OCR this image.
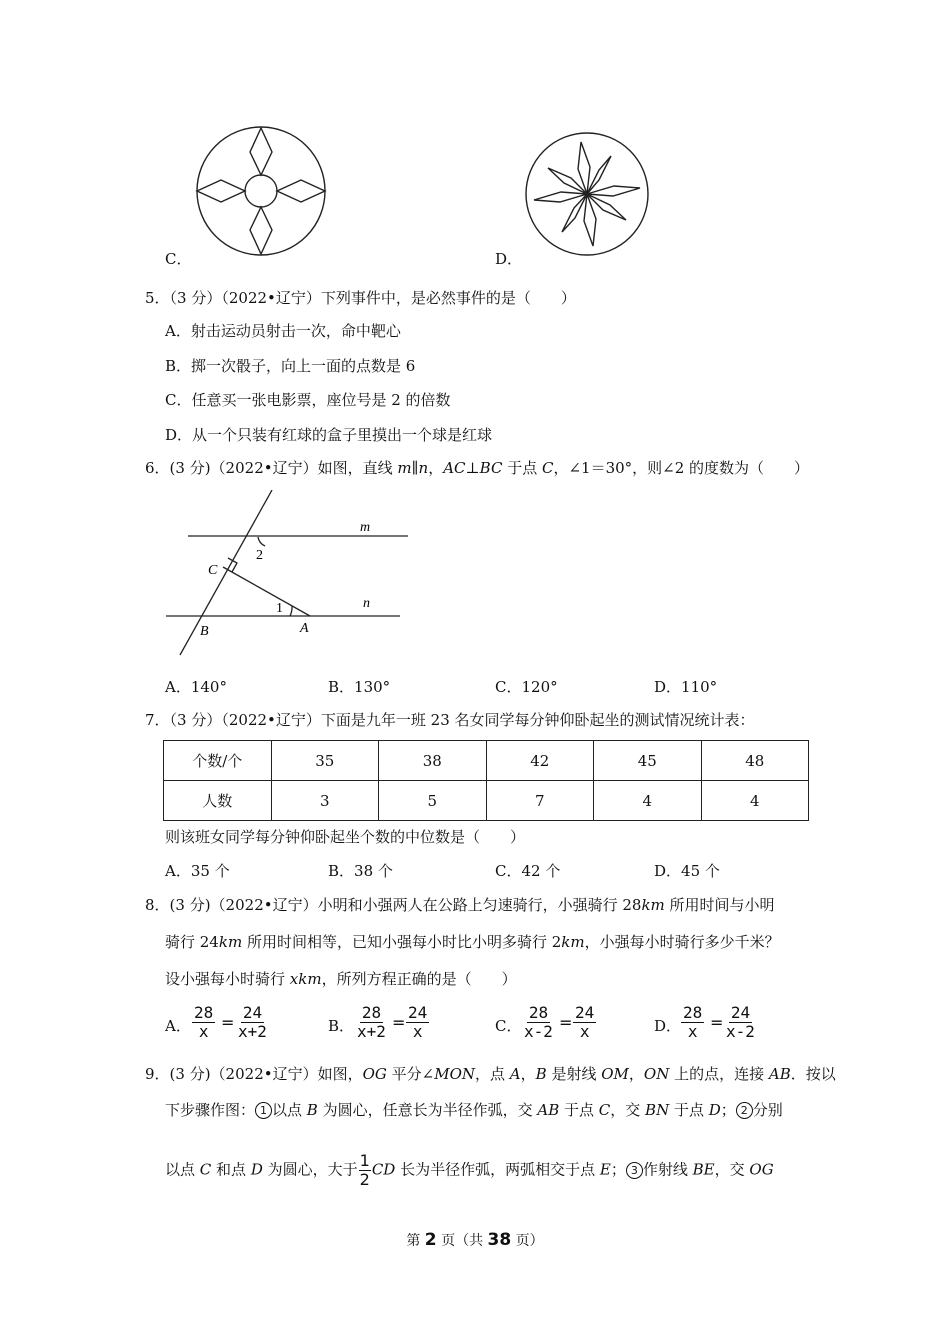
C．	D．
5．（3 分）（2022•辽宁）下列事件中，是必然事件的是（　　）
A．射击运动员射击一次，命中靶心
B．掷一次骰子，向上一面的点数是 6
C．任意买一张电影票，座位号是 2 的倍数
D．从一个只装有红球的盒子里摸出一个球是红球
6．(3 分)（2022•辽宁）如图，直线 m∥n，AC⊥BC 于点 C，∠1＝30°，则∠2 的度数为（　　）
m
n
C
B	A
1
2
A．140°	B．130°	C．120°	D．110°
7．（3 分）（2022•辽宁）下面是九年一班 23 名女同学每分钟仰卧起坐的测试情况统计表：
个数/个	35	38	42	45	48
人数	3	5	7	4	4
则该班女同学每分钟仰卧起坐个数的中位数是（　　）
A．35 个	B．38 个	C．42 个	D．45 个
8．(3 分)（2022•辽宁）小明和小强两人在公路上匀速骑行，小强骑行 28km 所用时间与小明
骑行 24km 所用时间相等，已知小强每小时比小明多骑行 2km，小强每小时骑行多少千米？
设小强每小时骑行 xkm，所列方程正确的是（　　）
A． $\frac{28}{x} = \frac{24}{x+2}$	B． $\frac{28}{x+2} = \frac{24}{x}$	C． $\frac{28}{x-2} = \frac{24}{x}$	D． $\frac{28}{x} = \frac{24}{x-2}$
9．(3 分)（2022•辽宁）如图，OG 平分∠MON，点 A，B 是射线 OM，ON 上的点，连接 AB．按以
下步骤作图： 1 以点 B 为圆心，任意长为半径作弧，交 AB 于点 C，交 BN 于点 D； 2 分别
以点 C 和点 D 为圆心，大于 $\frac{1}{2}$ CD 长为半径作弧，两弧相交于点 E； 3 作射线 BE，交 OG
第 2 页（共 38 页）
